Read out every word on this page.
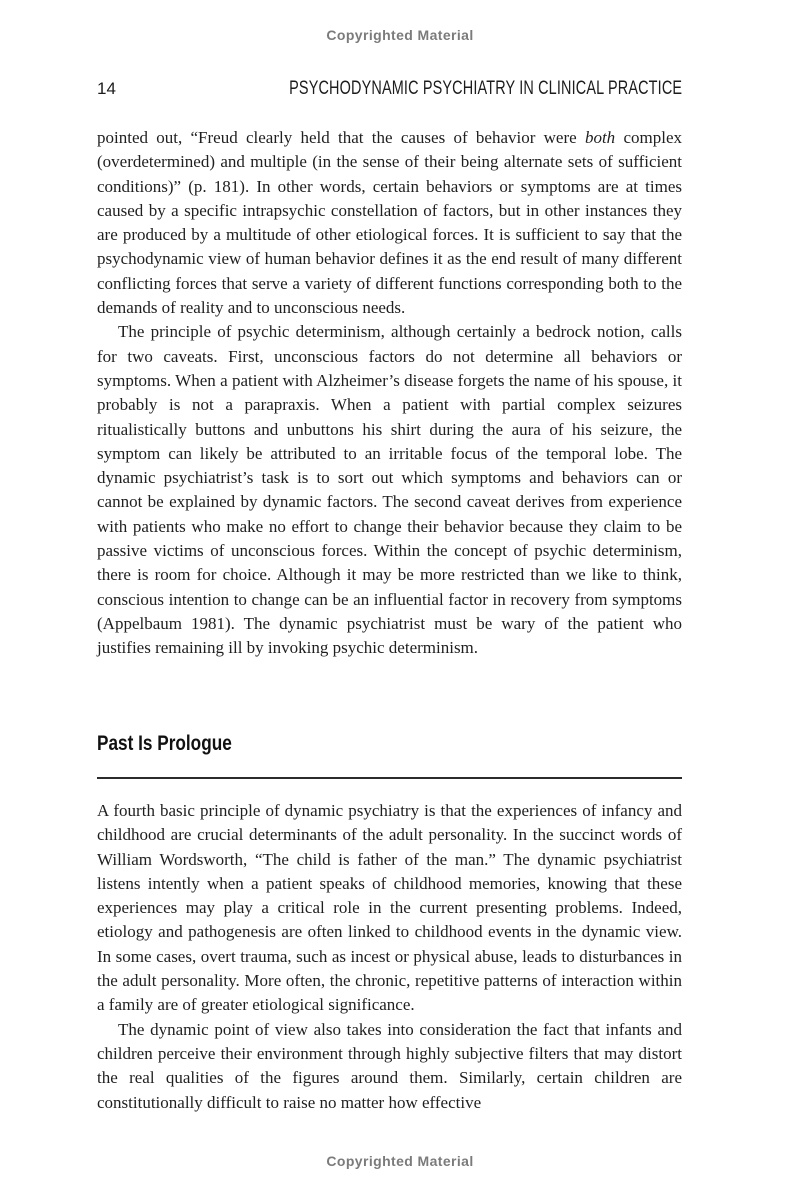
Copyrighted Material
14	PSYCHODYNAMIC PSYCHIATRY IN CLINICAL PRACTICE

pointed out, “Freud clearly held that the causes of behavior were both complex (overdetermined) and multiple (in the sense of their being alternate sets of sufficient conditions)” (p. 181). In other words, certain behaviors or symptoms are at times caused by a specific intrapsychic constellation of factors, but in other instances they are produced by a multitude of other etiological forces. It is sufficient to say that the psychodynamic view of human behavior defines it as the end result of many different conflicting forces that serve a variety of different functions corresponding both to the demands of reality and to unconscious needs.

The principle of psychic determinism, although certainly a bedrock notion, calls for two caveats. First, unconscious factors do not determine all behaviors or symptoms. When a patient with Alzheimer’s disease forgets the name of his spouse, it probably is not a parapraxis. When a patient with partial complex seizures ritualistically buttons and unbuttons his shirt during the aura of his seizure, the symptom can likely be attributed to an irritable focus of the temporal lobe. The dynamic psychiatrist’s task is to sort out which symptoms and behaviors can or cannot be explained by dynamic factors. The second caveat derives from experience with patients who make no effort to change their behavior because they claim to be passive victims of unconscious forces. Within the concept of psychic determinism, there is room for choice. Although it may be more restricted than we like to think, conscious intention to change can be an influential factor in recovery from symptoms (Appelbaum 1981). The dynamic psychiatrist must be wary of the patient who justifies remaining ill by invoking psychic determinism.

Past Is Prologue

A fourth basic principle of dynamic psychiatry is that the experiences of infancy and childhood are crucial determinants of the adult personality. In the succinct words of William Wordsworth, “The child is father of the man.” The dynamic psychiatrist listens intently when a patient speaks of childhood memories, knowing that these experiences may play a critical role in the current presenting problems. Indeed, etiology and pathogenesis are often linked to childhood events in the dynamic view. In some cases, overt trauma, such as incest or physical abuse, leads to disturbances in the adult personality. More often, the chronic, repetitive patterns of interaction within a family are of greater etiological significance.

The dynamic point of view also takes into consideration the fact that infants and children perceive their environment through highly subjective filters that may distort the real qualities of the figures around them. Similarly, certain children are constitutionally difficult to raise no matter how effective

Copyrighted Material
